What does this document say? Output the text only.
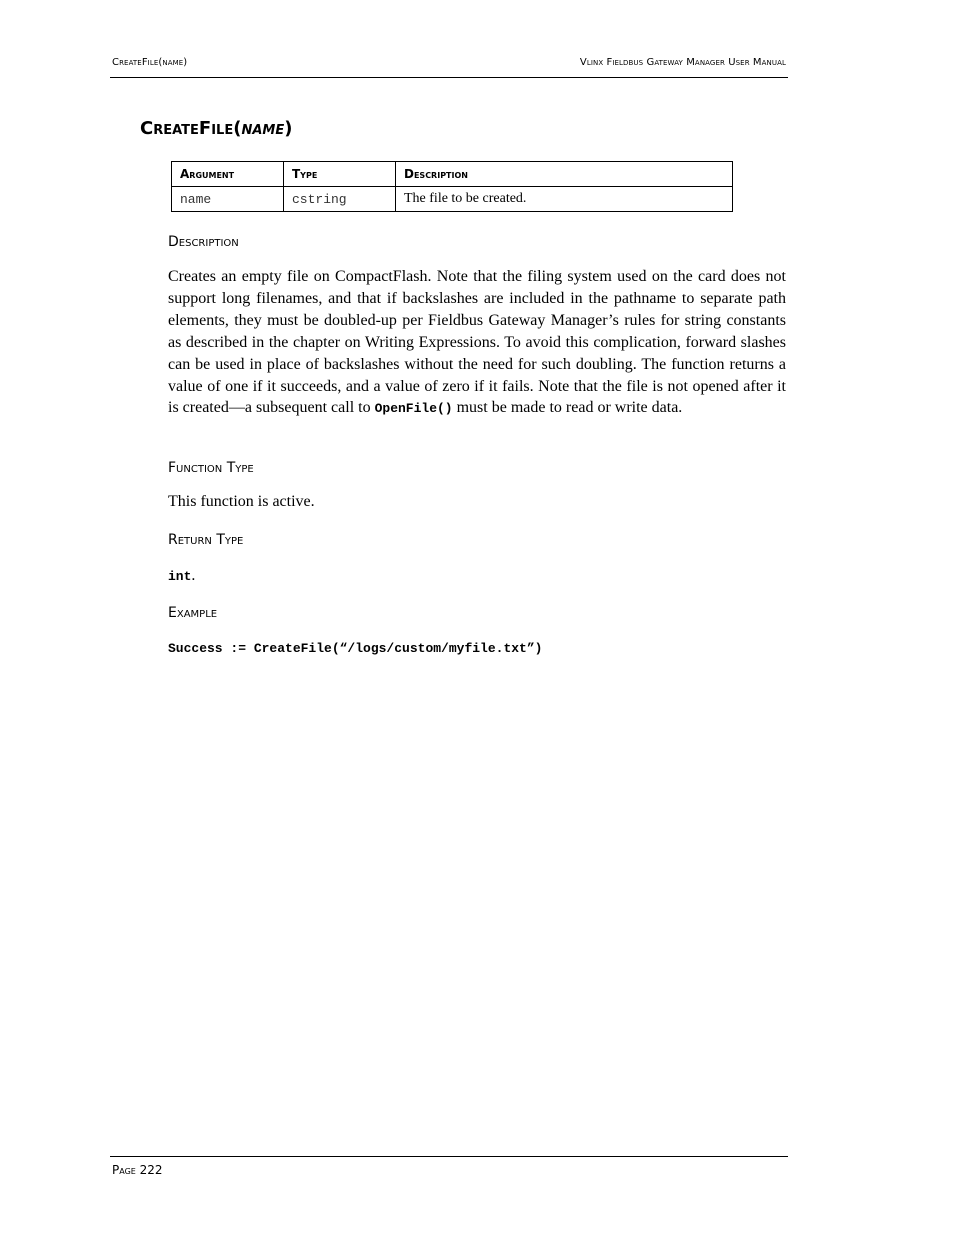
CreateFile(name)	Vlinx Fieldbus Gateway Manager User Manual
CreateFile(name)
Argument	Type	Description
name	cstring	The file to be created.
Description
Creates an empty file on CompactFlash. Note that the filing system used on the card does not support long filenames, and that if backslashes are included in the pathname to separate path elements, they must be doubled-up per Fieldbus Gateway Manager’s rules for string constants as described in the chapter on Writing Expressions. To avoid this complication, forward slashes can be used in place of backslashes without the need for such doubling. The function returns a value of one if it succeeds, and a value of zero if it fails. Note that the file is not opened after it is created—a subsequent call to OpenFile() must be made to read or write data.
Function Type
This function is active.
Return Type
int.
Example
Success := CreateFile(“/logs/custom/myfile.txt”)
Page 222
